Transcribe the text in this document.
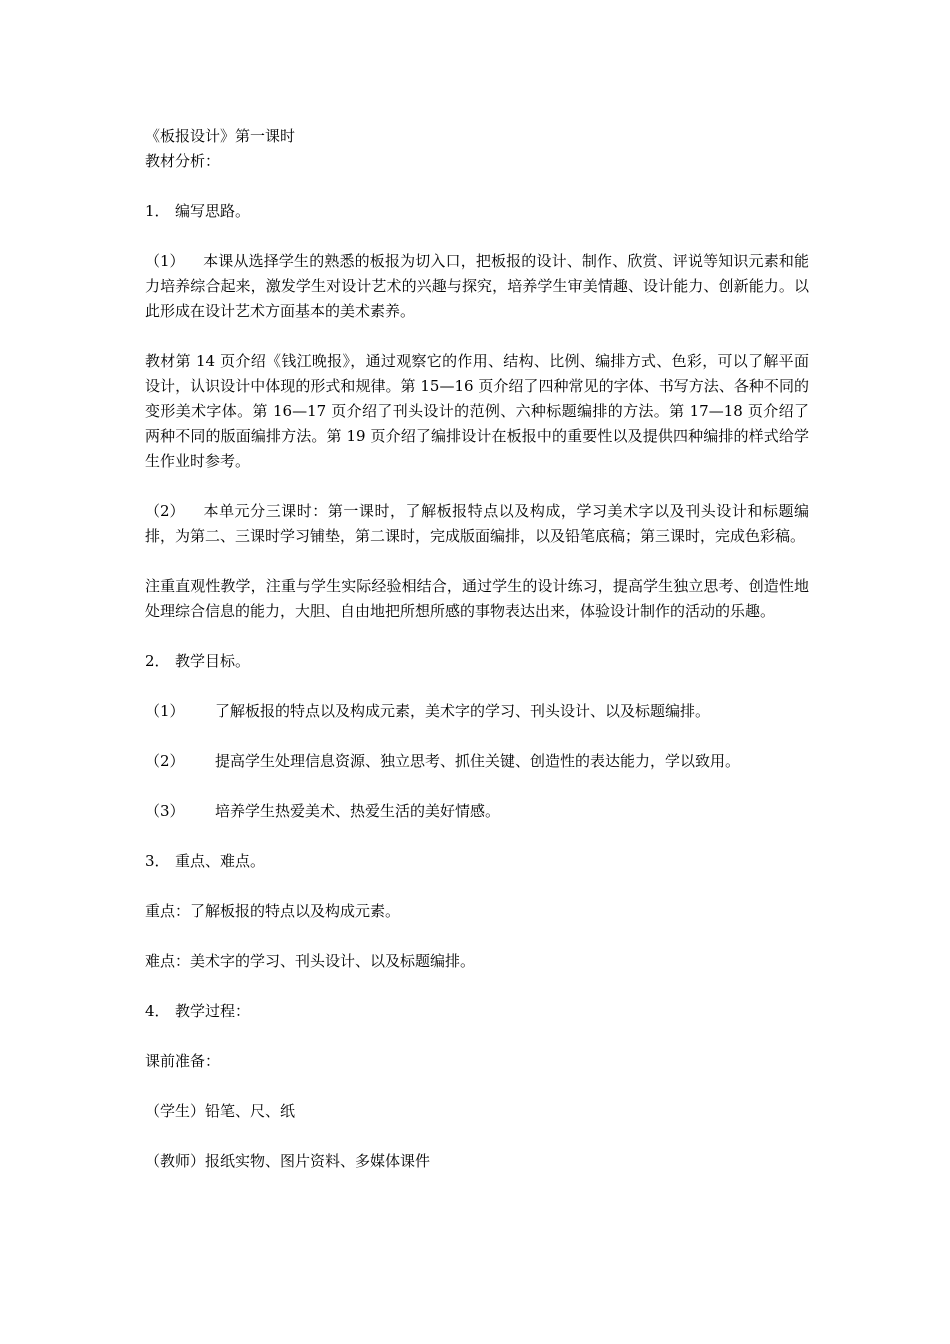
《板报设计》第一课时
教材分析：
1． 编写思路。
（1） 本课从选择学生的熟悉的板报为切入口，把板报的设计、制作、欣赏、评说等知识元素和能力培养综合起来，激发学生对设计艺术的兴趣与探究，培养学生审美情趣、设计能力、创新能力。以此形成在设计艺术方面基本的美术素养。
教材第 14 页介绍《钱江晚报》，通过观察它的作用、结构、比例、编排方式、色彩，可以了解平面设计，认识设计中体现的形式和规律。第 15—16 页介绍了四种常见的字体、书写方法、各种不同的变形美术字体。第 16—17 页介绍了刊头设计的范例、六种标题编排的方法。第 17—18 页介绍了两种不同的版面编排方法。第 19 页介绍了编排设计在板报中的重要性以及提供四种编排的样式给学生作业时参考。
（2） 本单元分三课时：第一课时，了解板报特点以及构成，学习美术字以及刊头设计和标题编排，为第二、三课时学习铺垫，第二课时，完成版面编排，以及铅笔底稿；第三课时，完成色彩稿。
注重直观性教学，注重与学生实际经验相结合，通过学生的设计练习，提高学生独立思考、创造性地处理综合信息的能力，大胆、自由地把所想所感的事物表达出来，体验设计制作的活动的乐趣。
2． 教学目标。
（1） 了解板报的特点以及构成元素，美术字的学习、刊头设计、以及标题编排。
（2） 提高学生处理信息资源、独立思考、抓住关键、创造性的表达能力，学以致用。
（3） 培养学生热爱美术、热爱生活的美好情感。
3． 重点、难点。
重点：了解板报的特点以及构成元素。
难点：美术字的学习、刊头设计、以及标题编排。
4． 教学过程：
课前准备：
（学生）铅笔、尺、纸
（教师）报纸实物、图片资料、多媒体课件
